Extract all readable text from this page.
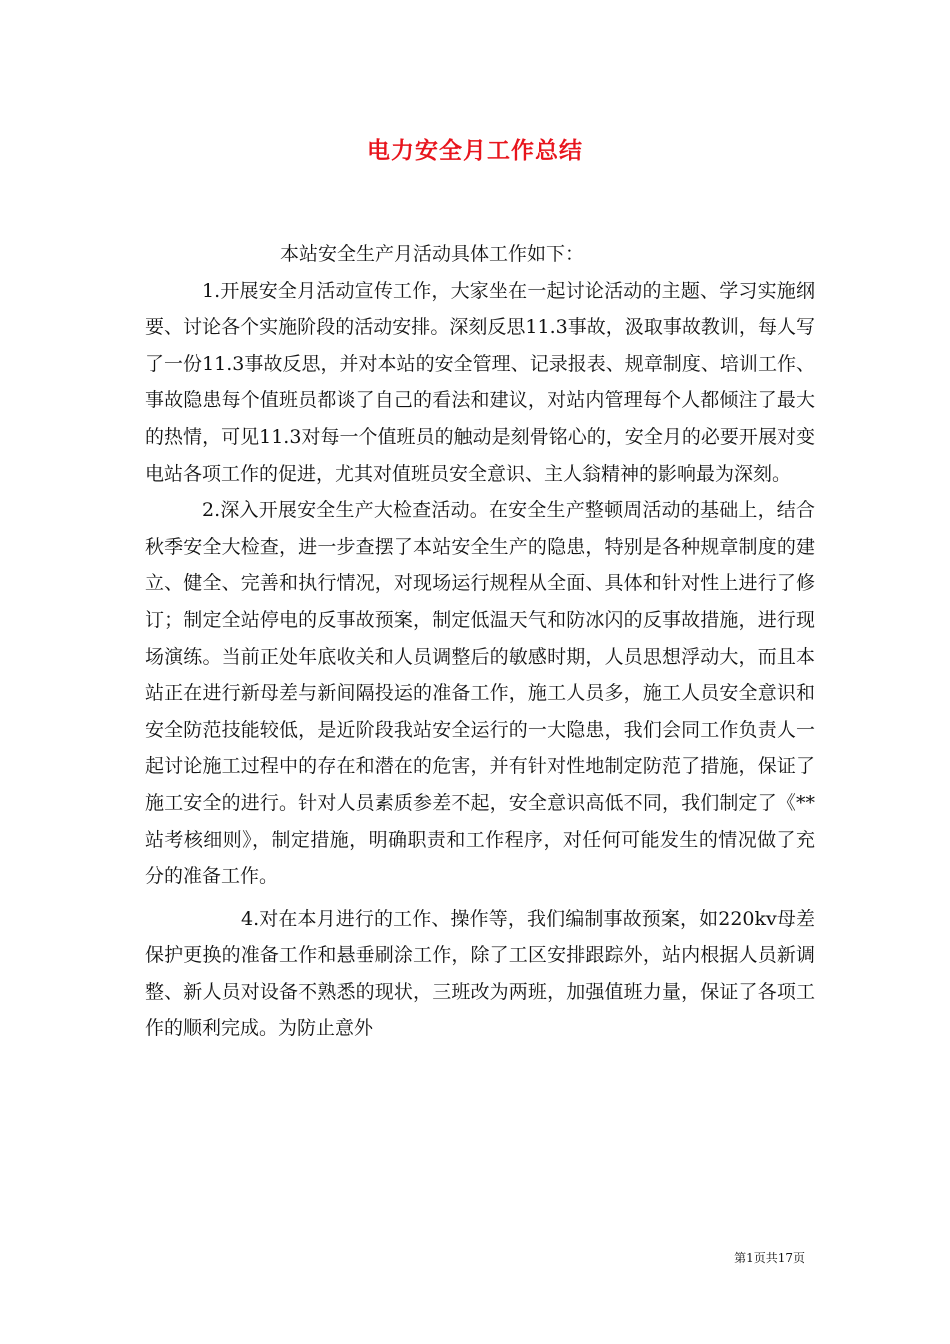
电力安全月工作总结

本站安全生产月活动具体工作如下：

1.开展安全月活动宣传工作，大家坐在一起讨论活动的主题、学习实施纲要、讨论各个实施阶段的活动安排。深刻反思11.3事故，汲取事故教训，每人写了一份11.3事故反思，并对本站的安全管理、记录报表、规章制度、培训工作、事故隐患每个值班员都谈了自己的看法和建议，对站内管理每个人都倾注了最大的热情，可见11.3对每一个值班员的触动是刻骨铭心的，安全月的必要开展对变电站各项工作的促进，尤其对值班员安全意识、主人翁精神的影响最为深刻。

2.深入开展安全生产大检查活动。在安全生产整顿周活动的基础上，结合秋季安全大检查，进一步查摆了本站安全生产的隐患，特别是各种规章制度的建立、健全、完善和执行情况，对现场运行规程从全面、具体和针对性上进行了修订；制定全站停电的反事故预案，制定低温天气和防冰闪的反事故措施，进行现场演练。当前正处年底收关和人员调整后的敏感时期，人员思想浮动大，而且本站正在进行新母差与新间隔投运的准备工作，施工人员多，施工人员安全意识和安全防范技能较低，是近阶段我站安全运行的一大隐患，我们会同工作负责人一起讨论施工过程中的存在和潜在的危害，并有针对性地制定防范了措施，保证了施工安全的进行。针对人员素质参差不起，安全意识高低不同，我们制定了《**站考核细则》，制定措施，明确职责和工作程序，对任何可能发生的情况做了充分的准备工作。

4.对在本月进行的工作、操作等，我们编制事故预案，如220kv母差保护更换的准备工作和悬垂刷涂工作，除了工区安排跟踪外，站内根据人员新调整、新人员对设备不熟悉的现状，三班改为两班，加强值班力量，保证了各项工作的顺利完成。为防止意外

第1页共17页
